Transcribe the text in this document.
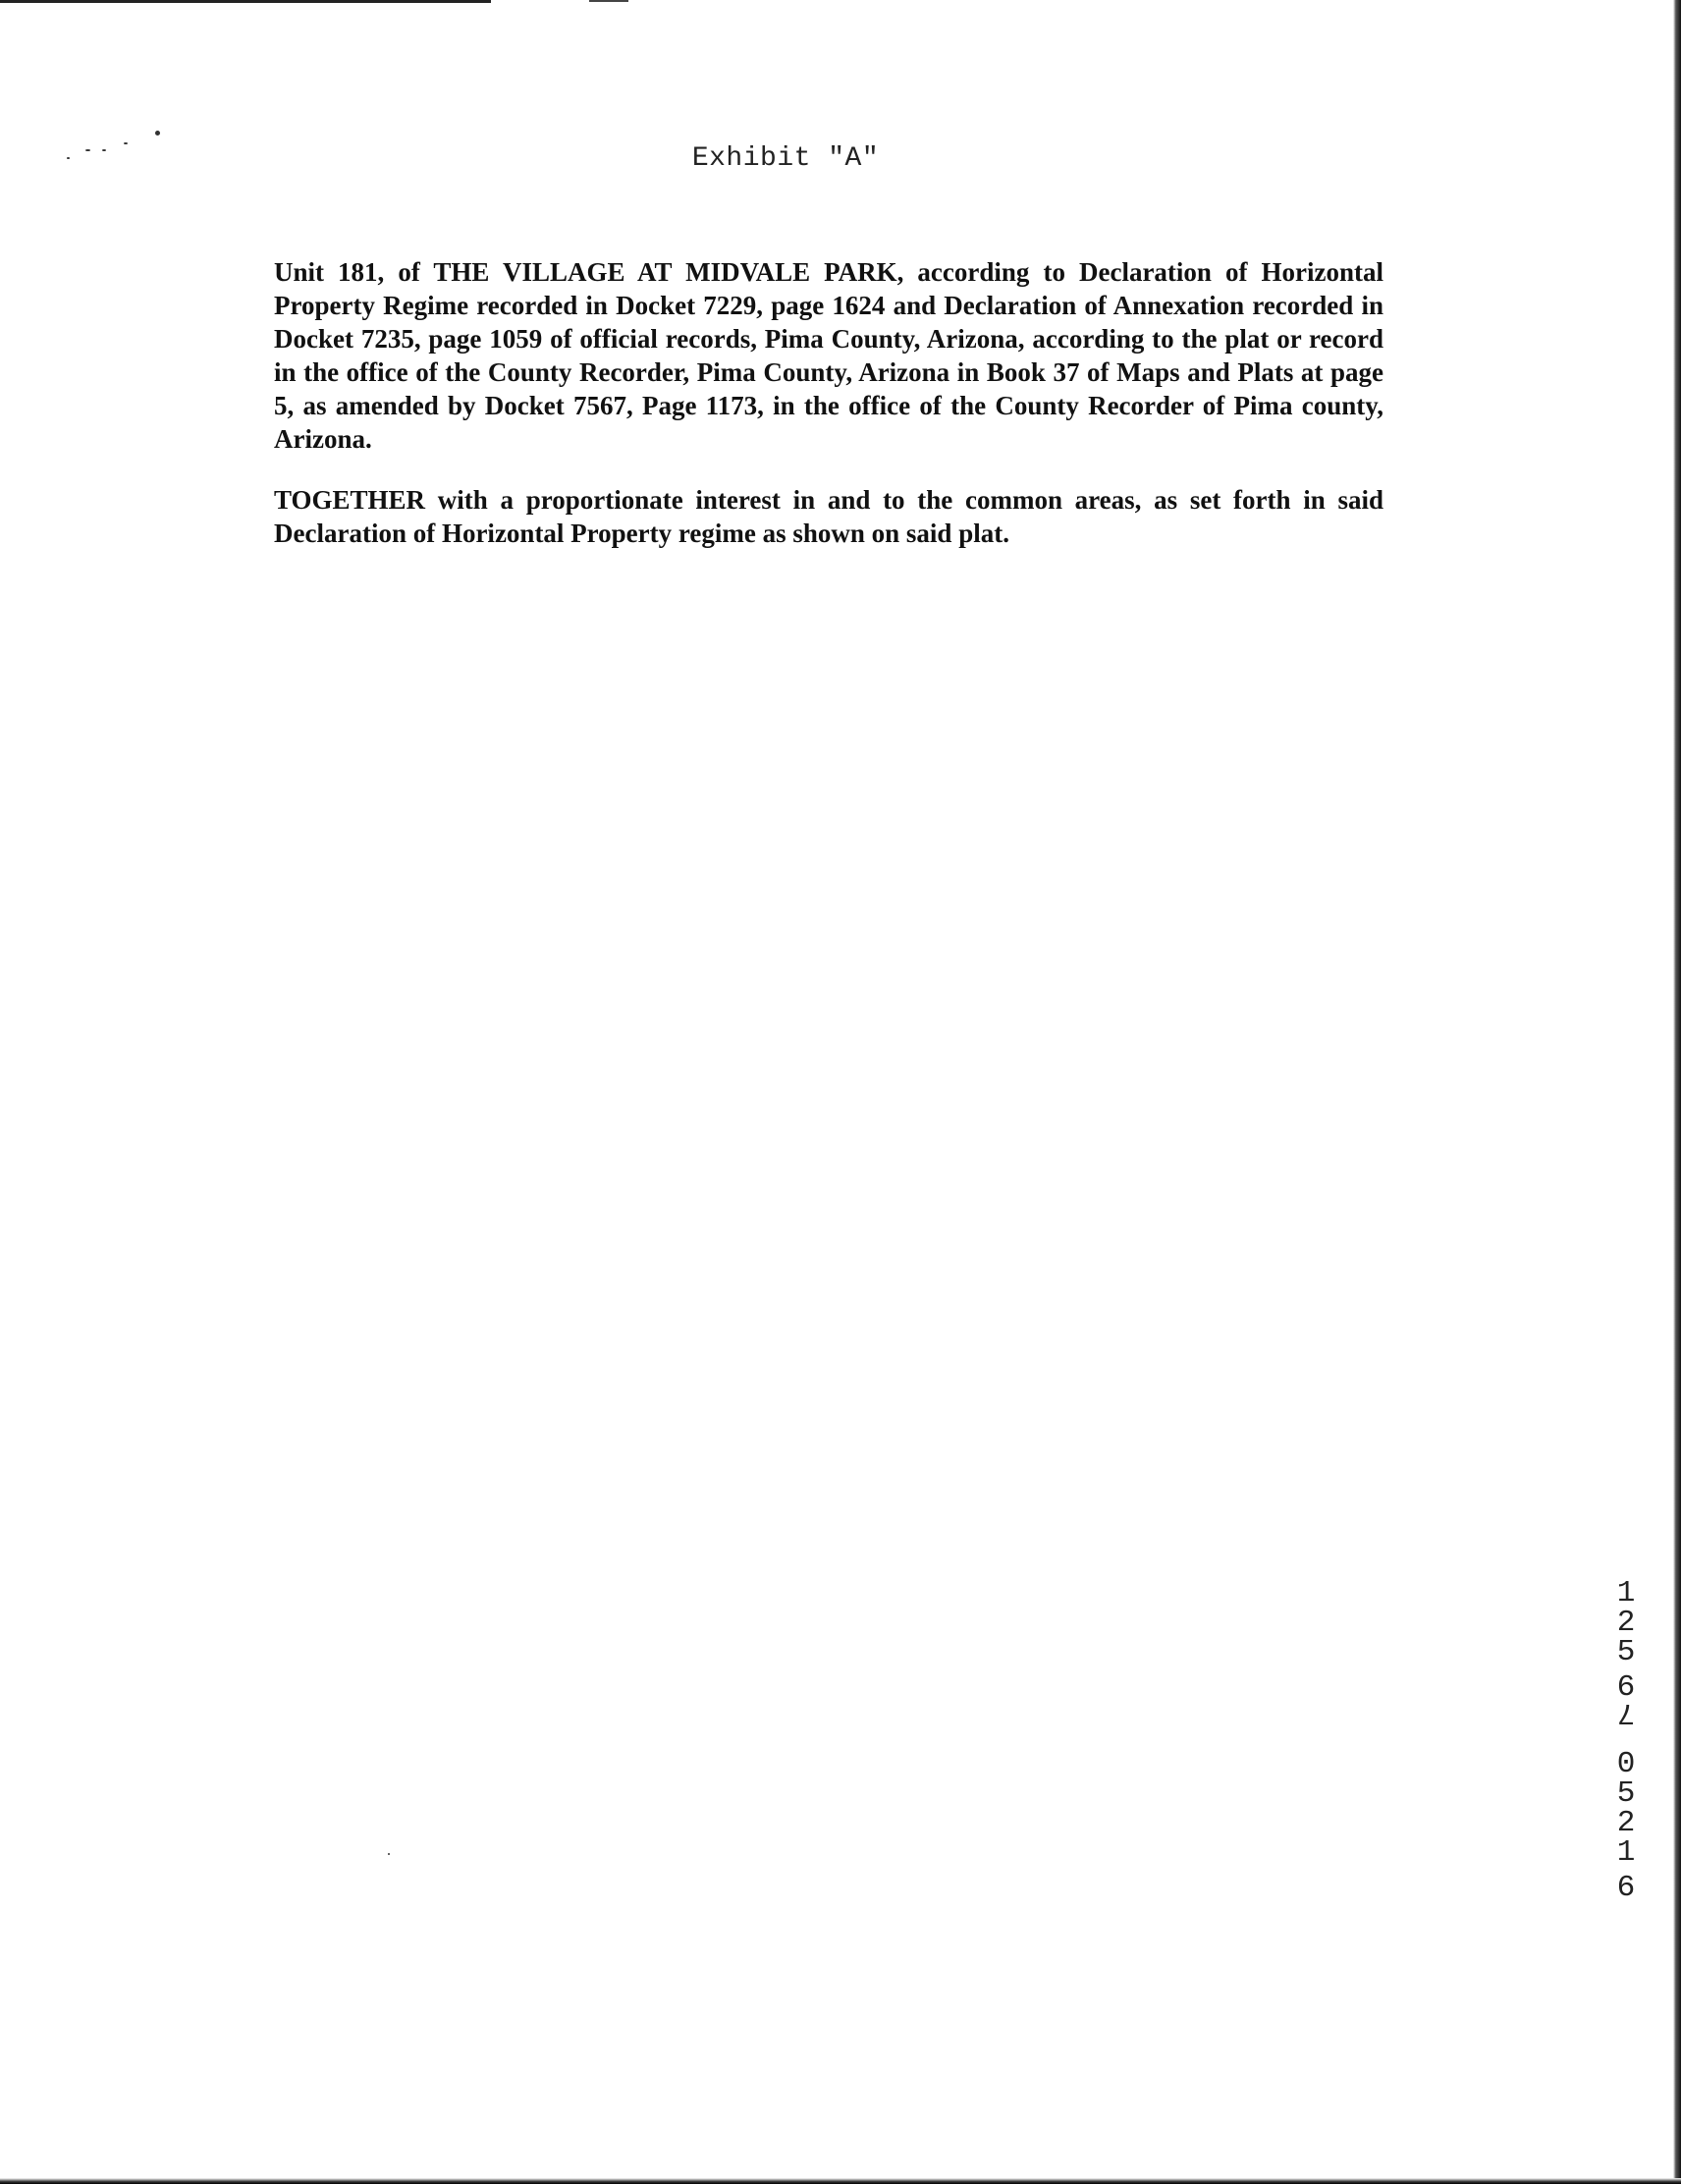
Exhibit "A"

Unit 181, of THE VILLAGE AT MIDVALE PARK, according to Declaration of Horizontal Property Regime recorded in Docket 7229, page 1624 and Declaration of Annexation recorded in Docket 7235, page 1059 of official records, Pima County, Arizona, according to the plat or record in the office of the County Recorder, Pima County, Arizona in Book 37 of Maps and Plats at page 5, as amended by Docket 7567, Page 1173, in the office of the County Recorder of Pima county, Arizona.

TOGETHER with a proportionate interest in and to the common areas, as set forth in said Declaration of Horizontal Property regime as shown on said plat.

1
2
5
9
7
0
5
2
1
9
